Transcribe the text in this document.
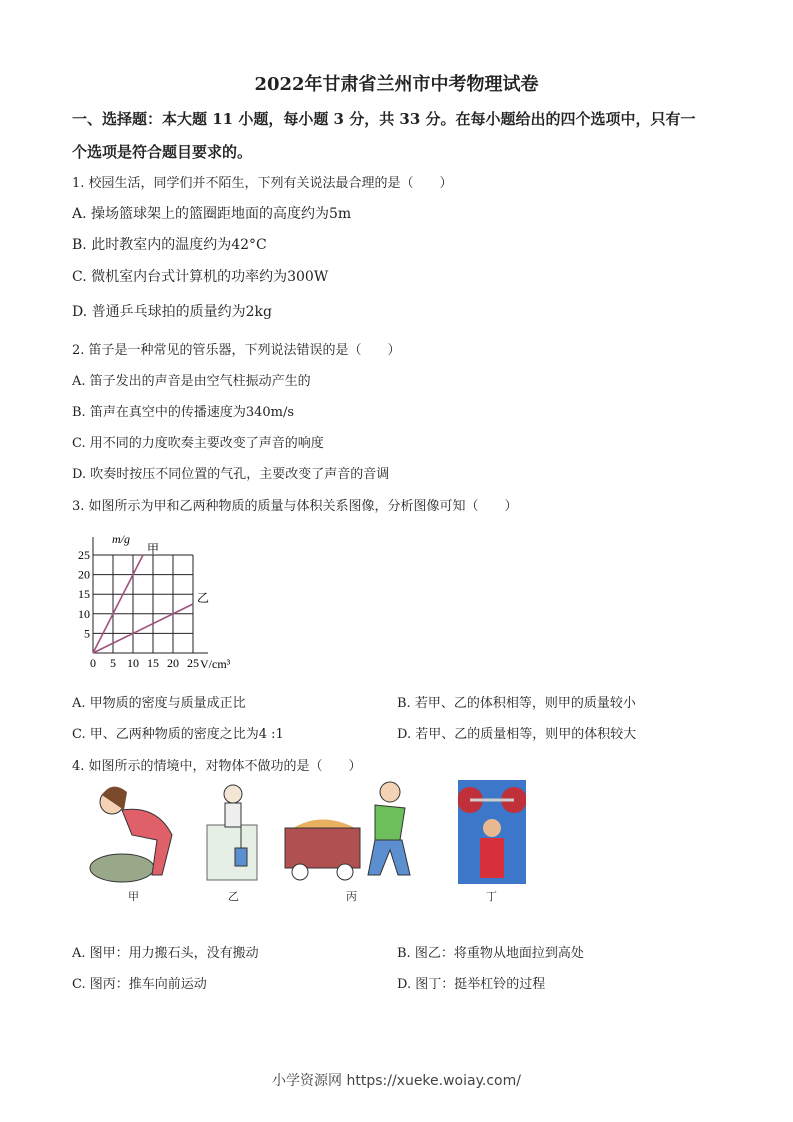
2022年甘肃省兰州市中考物理试卷
一、选择题：本大题 11 小题，每小题 3 分，共 33 分。在每小题给出的四个选项中，只有一
个选项是符合题目要求的。
1. 校园生活，同学们并不陌生，下列有关说法最合理的是（　　）
A. 操场篮球架上的篮圈距地面的高度约为5m
B. 此时教室内的温度约为42°C
C. 微机室内台式计算机的功率约为300W
D. 普通乒乓球拍的质量约为2kg
2. 笛子是一种常见的管乐器，下列说法错误的是（　　）
A. 笛子发出的声音是由空气柱振动产生的
B. 笛声在真空中的传播速度为340m/s
C. 用不同的力度吹奏主要改变了声音的响度
D. 吹奏时按压不同位置的气孔，主要改变了声音的音调
3. 如图所示为甲和乙两种物质的质量与体积关系图像，分析图像可知（　　）
m/g
V/cm³
0 5 10 15 20 25
5
10
15
20
25	甲
乙
A. 甲物质的密度与质量成正比	B. 若甲、乙的体积相等，则甲的质量较小
C. 甲、乙两种物质的密度之比为4 :1	D. 若甲、乙的质量相等，则甲的体积较大
4. 如图所示的情境中，对物体不做功的是（　　）
甲	乙	丙	丁
A. 图甲：用力搬石头，没有搬动	B. 图乙：将重物从地面拉到高处
C. 图丙：推车向前运动	D. 图丁：挺举杠铃的过程
小学资源网 https://xueke.woiay.com/
